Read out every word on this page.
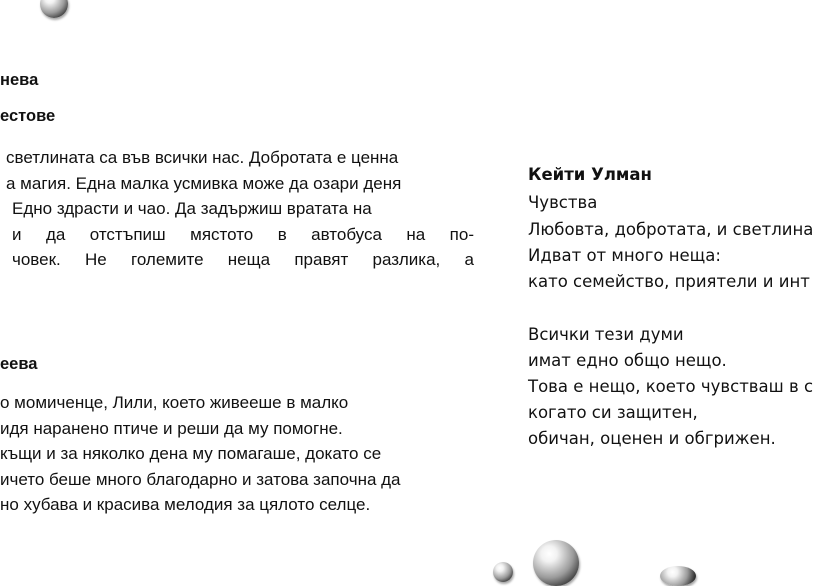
нева
естове
светлината са във всички нас. Добротата е ценна
а магия. Една малка усмивка може да озари деня
Едно здрасти и чао. Да задържиш вратата на
и да отстъпиш мястото в автобуса на по-
човек. Не големите неща правят разлика, а
еева
о момиченце, Лили, което живееше в малко
идя наранено птиче и реши да му помогне.
къщи и за няколко дена му помагаше, докато се
ичето беше много благодарно и затова започна да
но хубава и красива мелодия за цялото селце.
Кейти Улман
Чувства
Любовта, добротата, и светлина
Идват от много неща:
като семейство, приятели и инт
Всички тези думи
имат едно общо нещо.
Това е нещо, което чувстваш в с
когато си защитен,
обичан, оценен и обгрижен.
